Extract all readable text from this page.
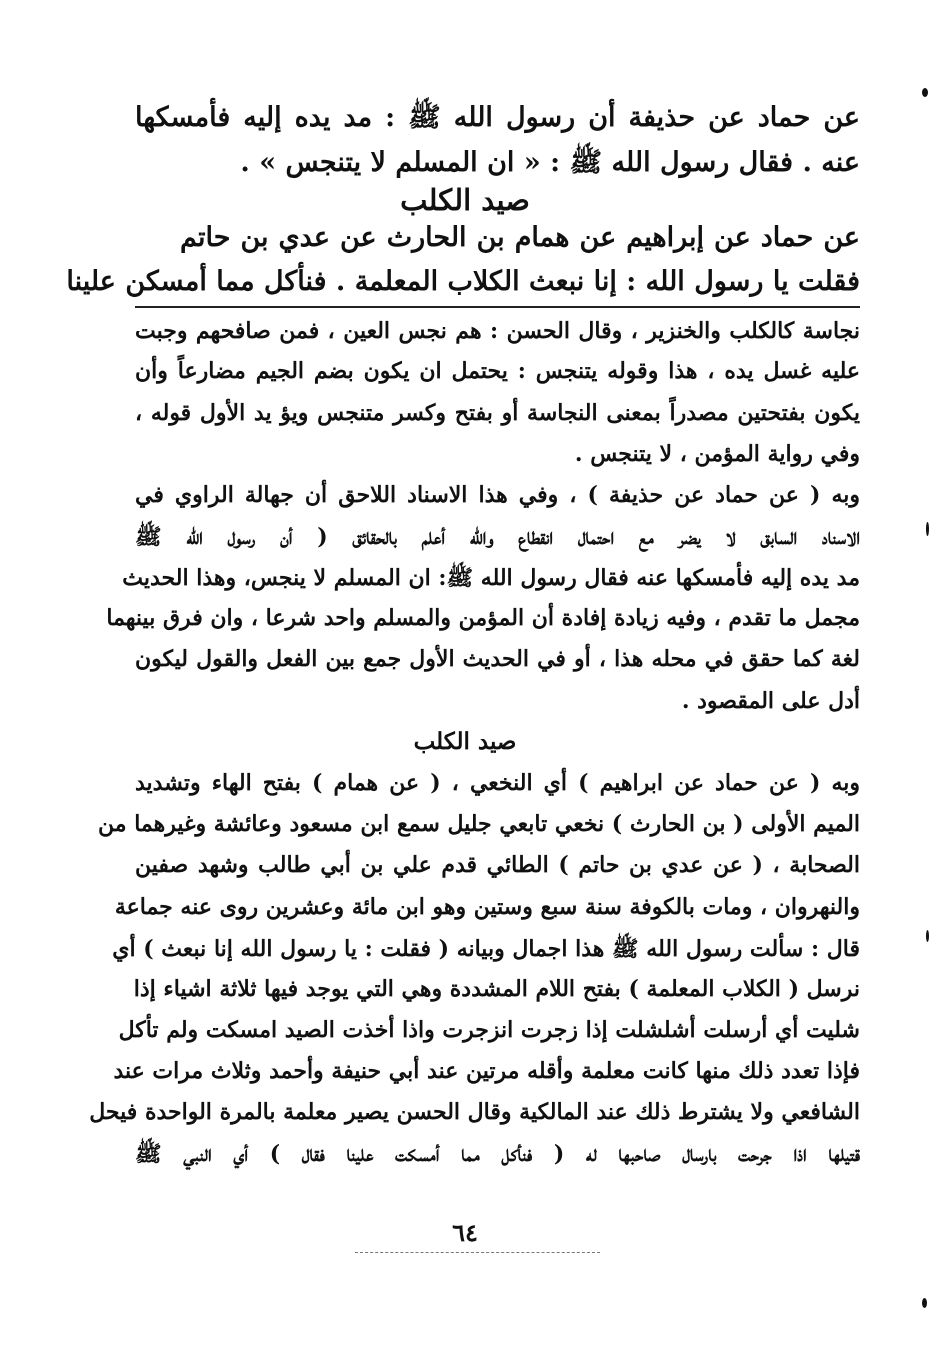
عن حماد عن حذيفة أن رسول الله ﷺ : مد يده إليه فأمسكها
عنه . فقال رسول الله ﷺ : « ان المسلم لا يتنجس » .
صيد الكلب
عن حماد عن إبراهيم عن همام بن الحارث عن عدي بن حاتم
فقلت يا رسول الله : إنا نبعث الكلاب المعلمة . فنأكل مما أمسكن علينا
نجاسة كالكلب والخنزير ، وقال الحسن : هم نجس العين ، فمن صافحهم وجبت
عليه غسل يده ، هذا وقوله يتنجس : يحتمل ان يكون بضم الجيم مضارعاً وأن
يكون بفتحتين مصدراً بمعنى النجاسة أو بفتح وكسر متنجس ويؤ يد الأول قوله ،
وفي رواية المؤمن ، لا يتنجس .
وبه ( عن حماد عن حذيفة ) ، وفي هذا الاسناد اللاحق أن جهالة الراوي في
الاسناد السابق لا يضر مع احتمال انقطاع والله أعلم بالحقائق ( أن رسول الله ﷺ
مد يده إليه فأمسكها عنه فقال رسول الله ﷺ: ان المسلم لا ينجس، وهذا الحديث
مجمل ما تقدم ، وفيه زيادة إفادة أن المؤمن والمسلم واحد شرعا ، وان فرق بينهما
لغة كما حقق في محله هذا ، أو في الحديث الأول جمع بين الفعل والقول ليكون
أدل على المقصود .
صيد الكلب
وبه ( عن حماد عن ابراهيم ) أي النخعي ، ( عن همام ) بفتح الهاء وتشديد
الميم الأولى ( بن الحارث ) نخعي تابعي جليل سمع ابن مسعود وعائشة وغيرهما من
الصحابة ، ( عن عدي بن حاتم ) الطائي قدم علي بن أبي طالب وشهد صفين
والنهروان ، ومات بالكوفة سنة سبع وستين وهو ابن مائة وعشرين روى عنه جماعة
قال : سألت رسول الله ﷺ هذا اجمال وبيانه ( فقلت : يا رسول الله إنا نبعث ) أي
نرسل ( الكلاب المعلمة ) بفتح اللام المشددة وهي التي يوجد فيها ثلاثة اشياء إذا
شليت أي أرسلت أشلشلت إذا زجرت انزجرت واذا أخذت الصيد امسكت ولم تأكل
فإذا تعدد ذلك منها كانت معلمة وأقله مرتين عند أبي حنيفة وأحمد وثلاث مرات عند
الشافعي ولا يشترط ذلك عند المالكية وقال الحسن يصير معلمة بالمرة الواحدة فيحل
قتيلها اذا جرحت بارسال صاحبها له ( فنأكل مما أمسكت علينا فقال ) أي النبي ﷺ
٦٤
